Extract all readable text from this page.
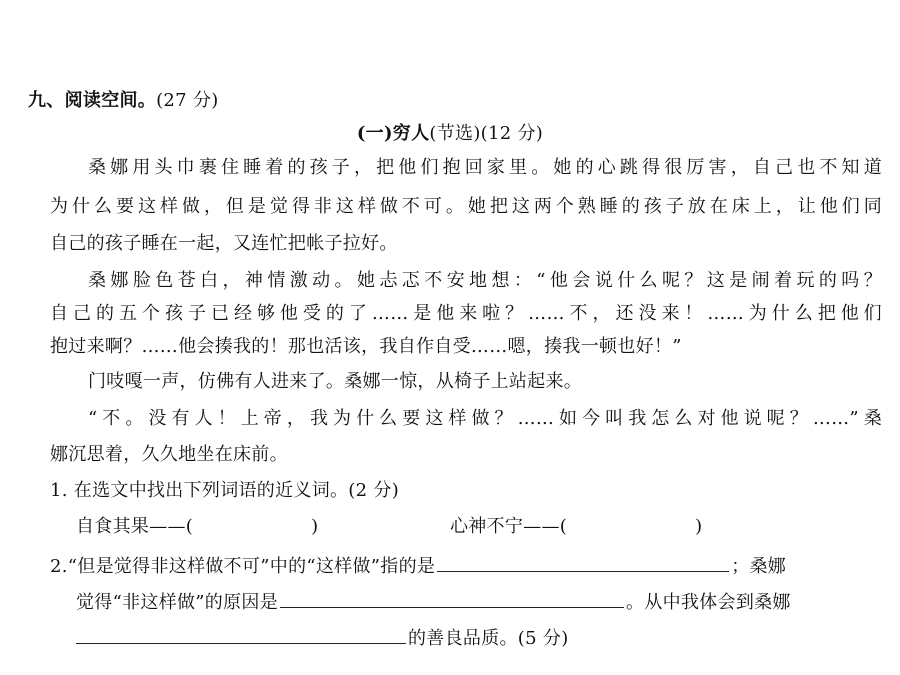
九、阅读空间。(27 分)
(一)穷人(节选)(12 分)
桑娜用头巾裹住睡着的孩子，把他们抱回家里。她的心跳得很厉害，自己也不知道
为什么要这样做，但是觉得非这样做不可。她把这两个熟睡的孩子放在床上，让他们同
自己的孩子睡在一起，又连忙把帐子拉好。
桑娜脸色苍白，神情激动。她忐忑不安地想：“他会说什么呢？这是闹着玩的吗？
自己的五个孩子已经够他受的了……是他来啦？……不，还没来！……为什么把他们
抱过来啊？……他会揍我的！那也活该，我自作自受……嗯，揍我一顿也好！”
门吱嘎一声，仿佛有人进来了。桑娜一惊，从椅子上站起来。
“不。没有人！上帝，我为什么要这样做？……如今叫我怎么对他说呢？……”桑
娜沉思着，久久地坐在床前。
1. 在选文中找出下列词语的近义词。(2 分)
自食其果——(	)	心神不宁——(	)
2.“但是觉得非这样做不可”中的“这样做”指的是	；桑娜
觉得“非这样做”的原因是	。从中我体会到桑娜
的善良品质。(5 分)
